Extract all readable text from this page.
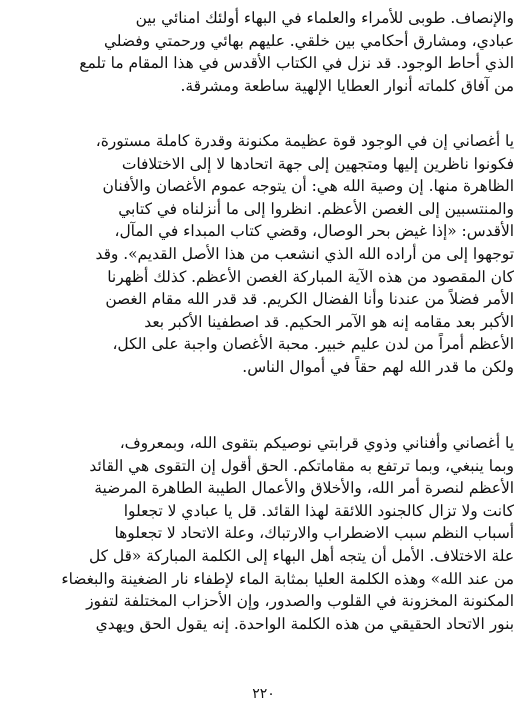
والإنصاف. طوبى للأمراء والعلماء في البهاء أولئك امنائي بين
عبادي، ومشارق أحكامي بين خلقي. عليهم بهائي ورحمتي وفضلي
الذي أحاط الوجود. قد نزل في الكتاب الأقدس في هذا المقام ما تلمع
من آفاق كلماته أنوار العطايا الإلهية ساطعة ومشرقة.
يا أغصاني إن في الوجود قوة عظيمة مكنونة وقدرة كاملة مستورة،
فكونوا ناظرين إليها ومتجهين إلى جهة اتحادها لا إلى الاختلافات
الظاهرة منها. إن وصية الله هي: أن يتوجه عموم الأغصان والأفنان
والمنتسبين إلى الغصن الأعظم. انظروا إلى ما أنزلناه في كتابي
الأقدس: «إذا غيض بحر الوصال، وقضي كتاب المبداء في المآل،
توجهوا إلى من أراده الله الذي انشعب من هذا الأصل القديم». وقد
كان المقصود من هذه الآية المباركة الغصن الأعظم. كذلك أظهرنا
الأمر فضلاً من عندنا وأنا الفضال الكريم. قد قدر الله مقام الغصن
الأكبر بعد مقامه إنه هو الآمر الحكيم. قد اصطفينا الأكبر بعد
الأعظم أمراً من لدن عليم خبير. محبة الأغصان واجبة على الكل،
ولكن ما قدر الله لهم حقاً في أموال الناس.
يا أغصاني وأفناني وذوي قرابتي نوصيكم بتقوى الله، وبمعروف،
وبما ينبغي، وبما ترتفع به مقاماتكم. الحق أقول إن التقوى هي القائد
الأعظم لنصرة أمر الله، والأخلاق والأعمال الطيبة الطاهرة المرضية
كانت ولا تزال كالجنود اللائقة لهذا القائد. قل يا عبادي لا تجعلوا
أسباب النظم سبب الاضطراب والارتباك، وعلة الاتحاد لا تجعلوها
علة الاختلاف. الأمل أن يتجه أهل البهاء إلى الكلمة المباركة «قل كل
من عند الله» وهذه الكلمة العليا بمثابة الماء لإطفاء نار الضغينة والبغضاء
المكنونة المخزونة في القلوب والصدور، وإن الأحزاب المختلفة لتفوز
بنور الاتحاد الحقيقي من هذه الكلمة الواحدة. إنه يقول الحق ويهدي
٢٢٠
